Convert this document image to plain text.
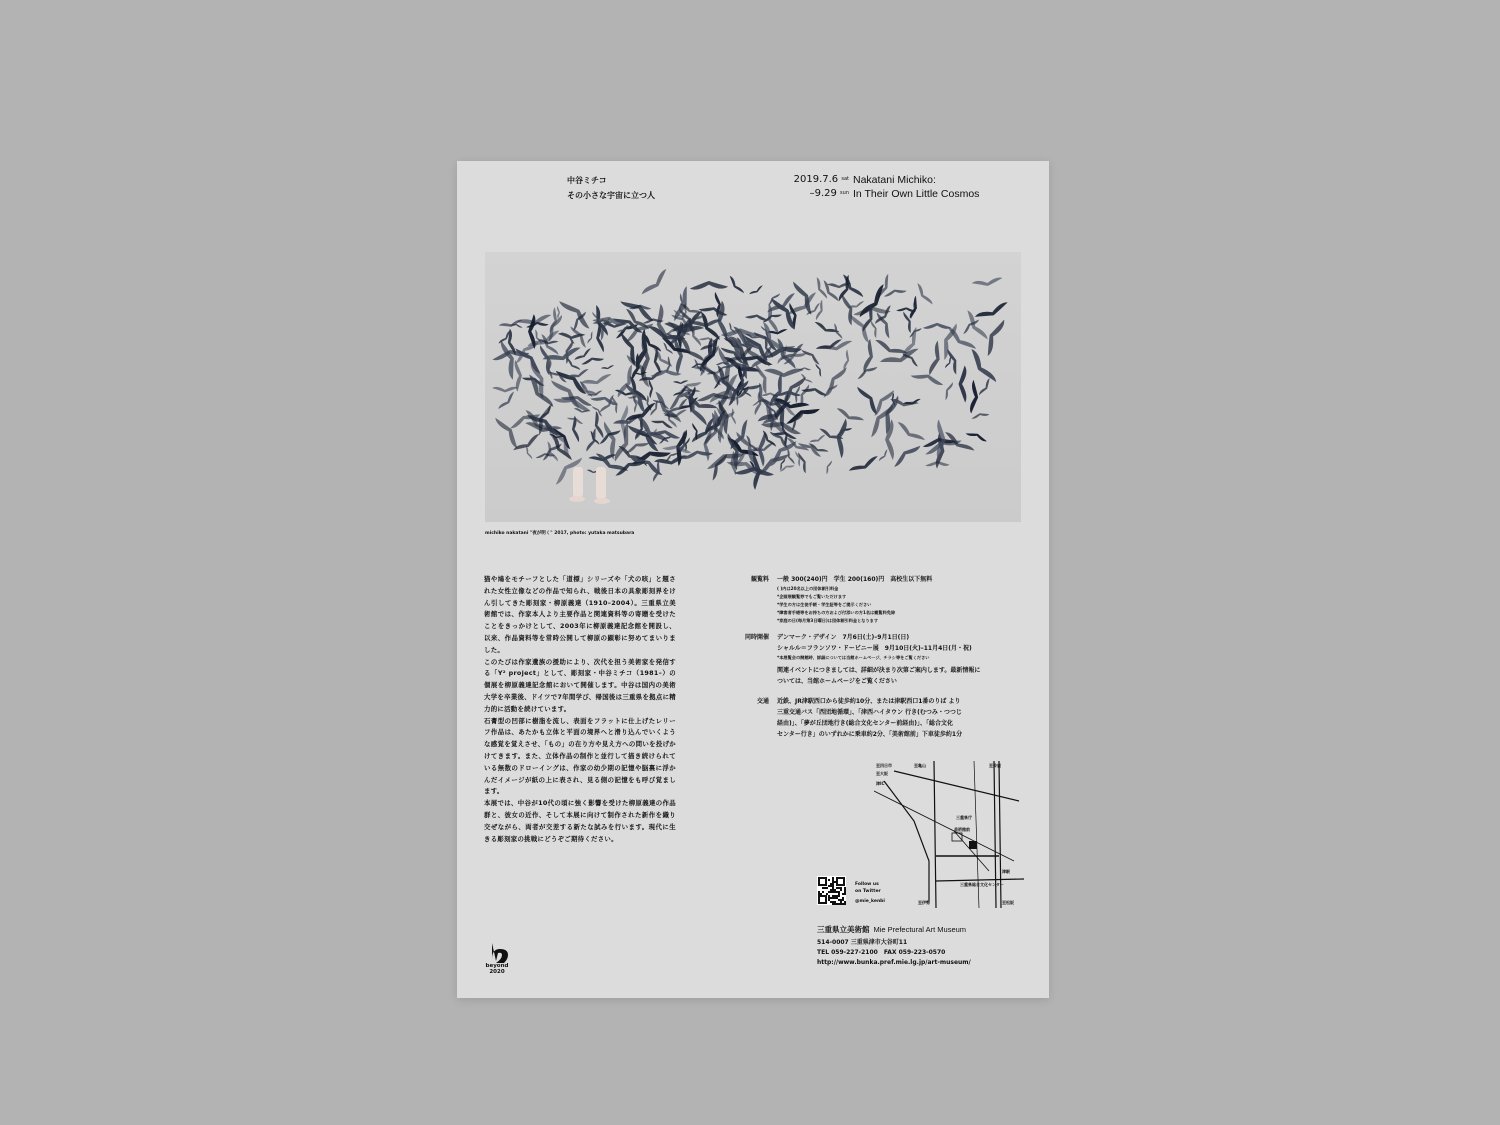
中谷ミチコ
その小さな宇宙に立つ人
2019.7.6 $^{sat}$
–9.29 $^{sun}$
Nakatani Michiko:
In Their Own Little Cosmos
michiko nakatani "夜が明く" 2017, photo: yutaka matsubara

猫や鳩をモチーフとした「道標」シリーズや「犬の咳」と題された女性立像などの作品で知られ、戦後日本の具象彫刻界をけん引してきた彫刻家・柳原義達（1910–2004）。三重県立美術館では、作家本人より主要作品と関連資料等の寄贈を受けたことをきっかけとして、2003年に柳原義達記念館を開設し、以来、作品資料等を常時公開して柳原の顕彰に努めてまいりました。

このたびは作家遺族の援助により、次代を担う美術家を発信する「Y² project」として、彫刻家・中谷ミチコ（1981–）の個展を柳原義達記念館において開催します。中谷は国内の美術大学を卒業後、ドイツで7年間学び、帰国後は三重県を拠点に精力的に活動を続けています。

石膏型の凹部に樹脂を流し、表面をフラットに仕上げたレリーフ作品は、あたかも立体と平面の境界へと滑り込んでいくような感覚を覚えさせ、「もの」の在り方や見え方への問いを投げかけてきます。また、立体作品の制作と並行して描き続けられている無数のドローイングは、作家の幼少期の記憶や脳裏に浮かんだイメージが紙の上に表され、見る側の記憶をも呼び覚まします。

本展では、中谷が10代の頃に強く影響を受けた柳原義達の作品群と、彼女の近作、そして本展に向けて制作された新作を織り交ぜながら、両者が交差する新たな試みを行います。現代に生きる彫刻家の挑戦にどうぞご期待ください。

観覧料 一般 300(240)円　学生 200(160)円　高校生以下無料
( )内は20名以上の団体割引料金
*企画展観覧券でもご覧いただけます
*学生の方は生徒手帳・学生証等をご提示ください
*障害者手帳等をお持ちの方および付添いの方1名は観覧料免除
*家庭の日(毎月第3日曜日)は団体割引料金となります
同時開催 デンマーク・デザイン　7月6日(土)–9月1日(日)
シャルル＝フランソワ・ドービニー展　9月10日(火)–11月4日(月・祝)
*本展覧会の開館時、詳細については当館ホームページ、チラシ等をご覧ください
関連イベントにつきましては、詳細が決まり次第ご案内します。最新情報に
ついては、当館ホームページをご覧ください
交通 近鉄、JR津駅西口から徒歩約10分、または津駅西口1番のりば より
三重交通バス「西団地循環」、「津西ハイタウン 行き(むつみ・つつじ
経由)」、「夢が丘団地行き(総合文化センター前経由)」、「総合文化
センター行き」のいずれかに乗車約2分、「美術館前」下車徒歩約1分
至四日市	至亀山
至大阪
至鈴鹿
三重県庁
美術館前
津駅
至松阪
至伊勢
津IC
三重県総合文化センター
Follow us
on Twitter
@mie_kenbi
三重県立美術館 Mie Prefectural Art Museum
514-0007 三重県津市大谷町11
TEL 059-227-2100　FAX 059-223-0570
http://www.bunka.pref.mie.lg.jp/art-museum/
beyond
2020
